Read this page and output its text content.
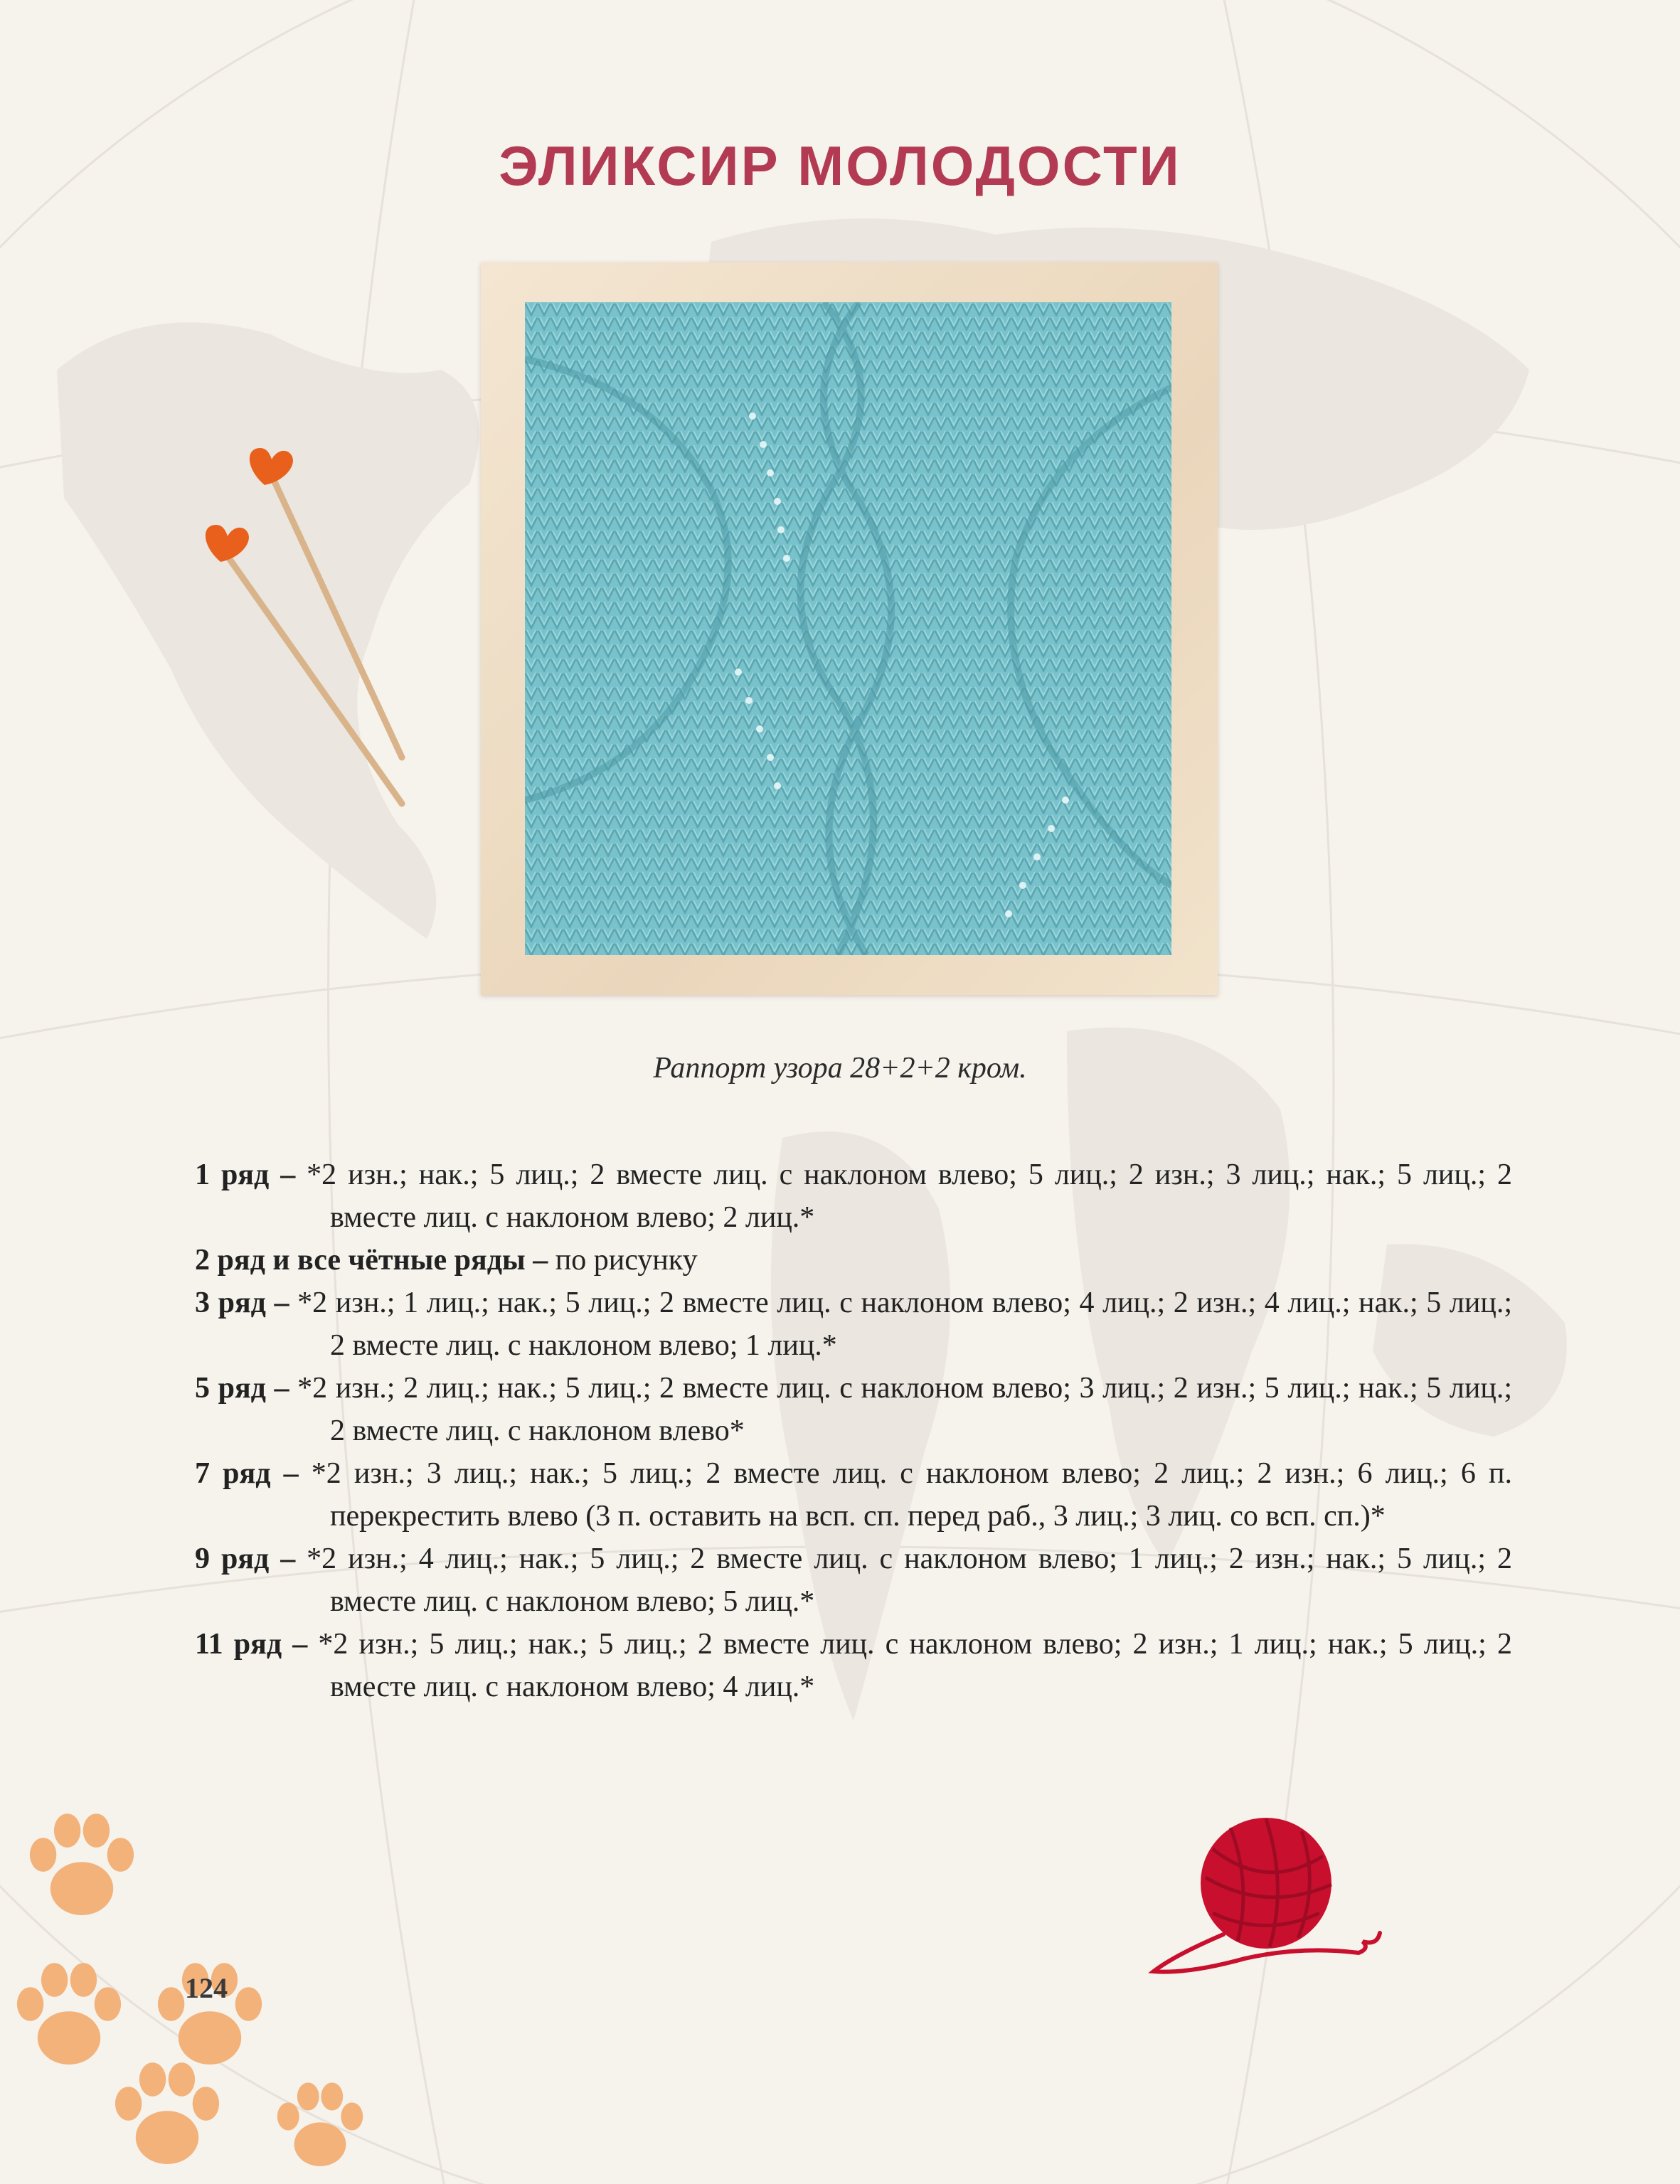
ЭЛИКСИР МОЛОДОСТИ
Раппорт узора 28+2+2 кром.
1 ряд – *2 изн.; нак.; 5 лиц.; 2 вместе лиц. с наклоном влево; 5 лиц.; 2 изн.; 3 лиц.; нак.; 5 лиц.; 2 вместе лиц. с наклоном влево; 2 лиц.*
2 ряд и все чётные ряды – по рисунку
3 ряд – *2 изн.; 1 лиц.; нак.; 5 лиц.; 2 вместе лиц. с наклоном влево; 4 лиц.; 2 изн.; 4 лиц.; нак.; 5 лиц.; 2 вместе лиц. с наклоном влево; 1 лиц.*
5 ряд – *2 изн.; 2 лиц.; нак.; 5 лиц.; 2 вместе лиц. с наклоном влево; 3 лиц.; 2 изн.; 5 лиц.; нак.; 5 лиц.; 2 вместе лиц. с наклоном влево*
7 ряд – *2 изн.; 3 лиц.; нак.; 5 лиц.; 2 вместе лиц. с наклоном влево; 2 лиц.; 2 изн.; 6 лиц.; 6 п. перекрестить влево (3 п. оставить на всп. сп. перед раб., 3 лиц.; 3 лиц. со всп. сп.)*
9 ряд – *2 изн.; 4 лиц.; нак.; 5 лиц.; 2 вместе лиц. с наклоном влево; 1 лиц.; 2 изн.; нак.; 5 лиц.; 2 вместе лиц. с наклоном влево; 5 лиц.*
11 ряд – *2 изн.; 5 лиц.; нак.; 5 лиц.; 2 вместе лиц. с наклоном влево; 2 изн.; 1 лиц.; нак.; 5 лиц.; 2 вместе лиц. с наклоном влево; 4 лиц.*
124
